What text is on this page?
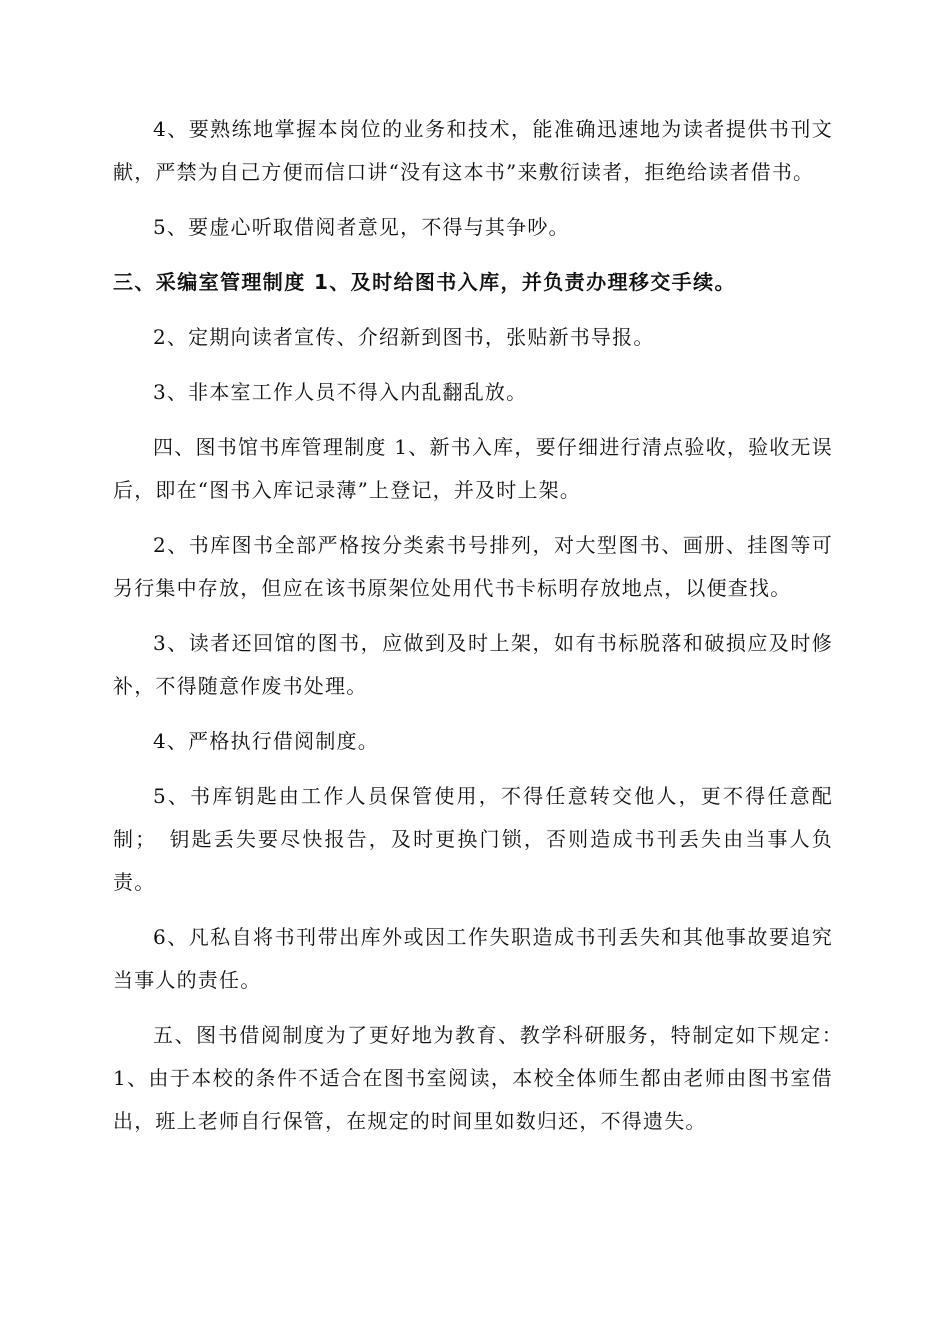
4、要熟练地掌握本岗位的业务和技术，能准确迅速地为读者提供书刊文献，严禁为自己方便而信口讲“没有这本书”来敷衍读者，拒绝给读者借书。

5、要虚心听取借阅者意见，不得与其争吵。

三、采编室管理制度 1、及时给图书入库，并负责办理移交手续。

2、定期向读者宣传、介绍新到图书，张贴新书导报。

3、非本室工作人员不得入内乱翻乱放。

四、图书馆书库管理制度 1、新书入库，要仔细进行清点验收，验收无误后，即在“图书入库记录薄”上登记，并及时上架。

2、书库图书全部严格按分类索书号排列，对大型图书、画册、挂图等可另行集中存放，但应在该书原架位处用代书卡标明存放地点，以便查找。

3、读者还回馆的图书，应做到及时上架，如有书标脱落和破损应及时修补，不得随意作废书处理。

4、严格执行借阅制度。

5、书库钥匙由工作人员保管使用，不得任意转交他人，更不得任意配制；　钥匙丢失要尽快报告，及时更换门锁，否则造成书刊丢失由当事人负责。

6、凡私自将书刊带出库外或因工作失职造成书刊丢失和其他事故要追究当事人的责任。

五、图书借阅制度为了更好地为教育、教学科研服务，特制定如下规定：　1、由于本校的条件不适合在图书室阅读，本校全体师生都由老师由图书室借出，班上老师自行保管，在规定的时间里如数归还，不得遗失。
